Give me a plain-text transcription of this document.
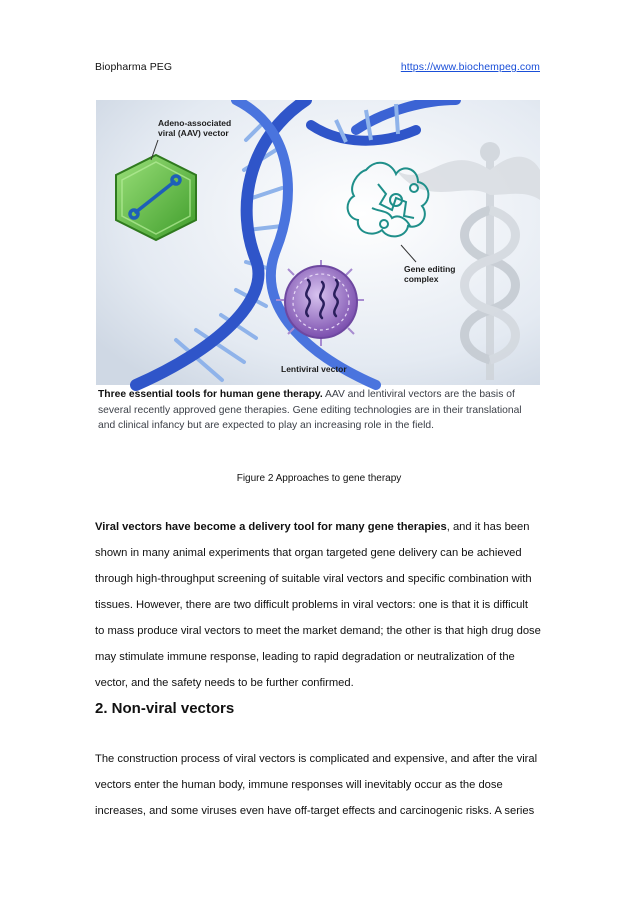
Biopharma PEG	https://www.biochempeg.com
Adeno-associated
viral (AAV) vector
Gene editing
complex
Lentiviral vector
Three essential tools for human gene therapy. AAV and lentiviral vectors are the basis of
several recently approved gene therapies. Gene editing technologies are in their translational
and clinical infancy but are expected to play an increasing role in the field.
Figure 2 Approaches to gene therapy

Viral vectors have become a delivery tool for many gene therapies, and it has been
shown in many animal experiments that organ targeted gene delivery can be achieved
through high-throughput screening of suitable viral vectors and specific combination with
tissues. However, there are two difficult problems in viral vectors: one is that it is difficult
to mass produce viral vectors to meet the market demand; the other is that high drug dose
may stimulate immune response, leading to rapid degradation or neutralization of the
vector, and the safety needs to be further confirmed.

2. Non-viral vectors

The construction process of viral vectors is complicated and expensive, and after the viral
vectors enter the human body, immune responses will inevitably occur as the dose
increases, and some viruses even have off-target effects and carcinogenic risks. A series
